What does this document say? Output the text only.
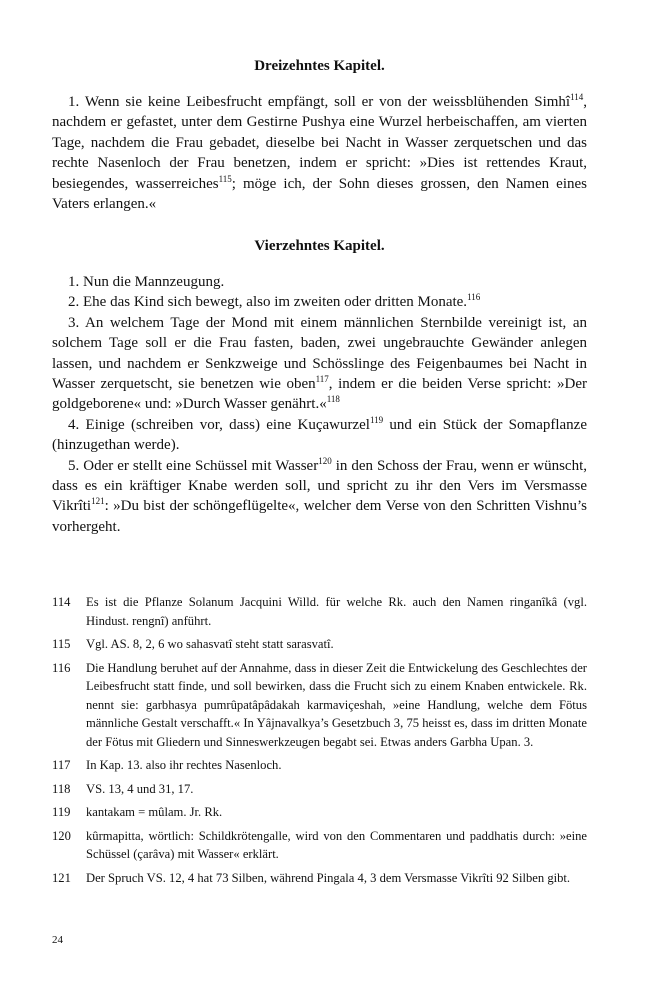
Dreizehntes Kapitel.

1. Wenn sie keine Leibesfrucht empfängt, soll er von der weissblühenden Simhî$^{114}$, nachdem er gefastet, unter dem Gestirne Pushya eine Wurzel herbeischaffen, am vierten Tage, nachdem die Frau gebadet, dieselbe bei Nacht in Wasser zerquetschen und das rechte Nasenloch der Frau benetzen, indem er spricht: »Dies ist rettendes Kraut, besiegendes, wasserreiches$^{115}$; möge ich, der Sohn dieses grossen, den Namen eines Vaters erlangen.«

Vierzehntes Kapitel.

1. Nun die Mannzeugung.

2. Ehe das Kind sich bewegt, also im zweiten oder dritten Monate.$^{116}$

3. An welchem Tage der Mond mit einem männlichen Sternbilde vereinigt ist, an solchem Tage soll er die Frau fasten, baden, zwei ungebrauchte Gewänder anlegen lassen, und nachdem er Senkzweige und Schösslinge des Feigenbaumes bei Nacht in Wasser zerquetscht, sie benetzen wie oben$^{117}$, indem er die beiden Verse spricht: »Der goldgeborene« und: »Durch Wasser genährt.«$^{118}$

4. Einige (schreiben vor, dass) eine Kuçawurzel$^{119}$ und ein Stück der Somapflanze (hinzugethan werde).

5. Oder er stellt eine Schüssel mit Wasser$^{120}$ in den Schoss der Frau, wenn er wünscht, dass es ein kräftiger Knabe werden soll, und spricht zu ihr den Vers im Versmasse Vikrîti$^{121}$: »Du bist der schöngeflügelte«, welcher dem Verse von den Schritten Vishnu’s vorhergeht.

114	Es ist die Pflanze Solanum Jacquini Willd. für welche Rk. auch den Namen ringanîkâ (vgl. Hindust. rengnî) anführt.
115	Vgl. AS. 8, 2, 6 wo sahasvatî steht statt sarasvatî.
116	Die Handlung beruhet auf der Annahme, dass in dieser Zeit die Entwickelung des Geschlechtes der Leibesfrucht statt finde, und soll bewirken, dass die Frucht sich zu einem Knaben entwickele. Rk. nennt sie: garbhasya pumrûpatâpâdakah karmaviçeshah, »eine Handlung, welche dem Fötus männliche Gestalt verschafft.« In Yâjnavalkya’s Gesetzbuch 3, 75 heisst es, dass im dritten Monate der Fötus mit Gliedern und Sinneswerkzeugen begabt sei. Etwas anders Garbha Upan. 3.
117	In Kap. 13. also ihr rechtes Nasenloch.
118	VS. 13, 4 und 31, 17.
119	kantakam = mûlam. Jr. Rk.
120	kûrmapitta, wörtlich: Schildkrötengalle, wird von den Commentaren und paddhatis durch: »eine Schüssel (çarâva) mit Wasser« erklärt.
121	Der Spruch VS. 12, 4 hat 73 Silben, während Pingala 4, 3 dem Versmasse Vikrîti 92 Silben gibt.
24
